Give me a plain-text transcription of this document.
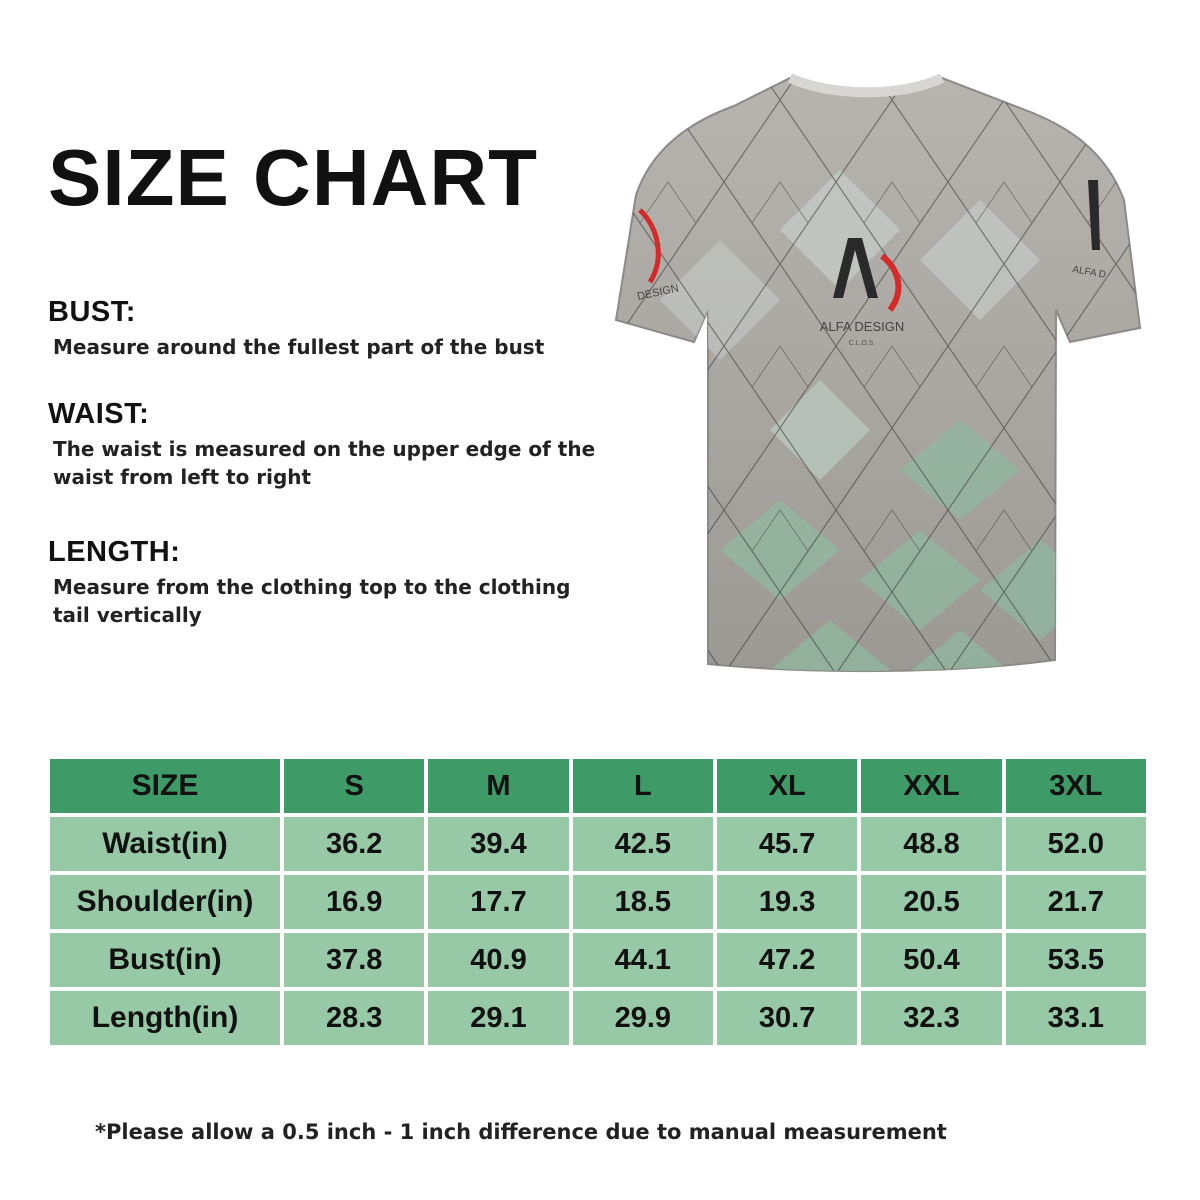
SIZE CHART
BUST:

Measure around the fullest part of the bust

WAIST:

The waist is measured on the upper edge of the waist from left to right

LENGTH:

Measure from the clothing top to the clothing tail vertically

ALFA DESIGN
C.L.O.S.
DESIGN
ALFA D
SIZE	S	M	L	XL	XXL	3XL
Waist(in)	36.2	39.4	42.5	45.7	48.8	52.0
Shoulder(in)	16.9	17.7	18.5	19.3	20.5	21.7
Bust(in)	37.8	40.9	44.1	47.2	50.4	53.5
Length(in)	28.3	29.1	29.9	30.7	32.3	33.1

*Please allow a 0.5 inch - 1 inch difference due to manual measurement
